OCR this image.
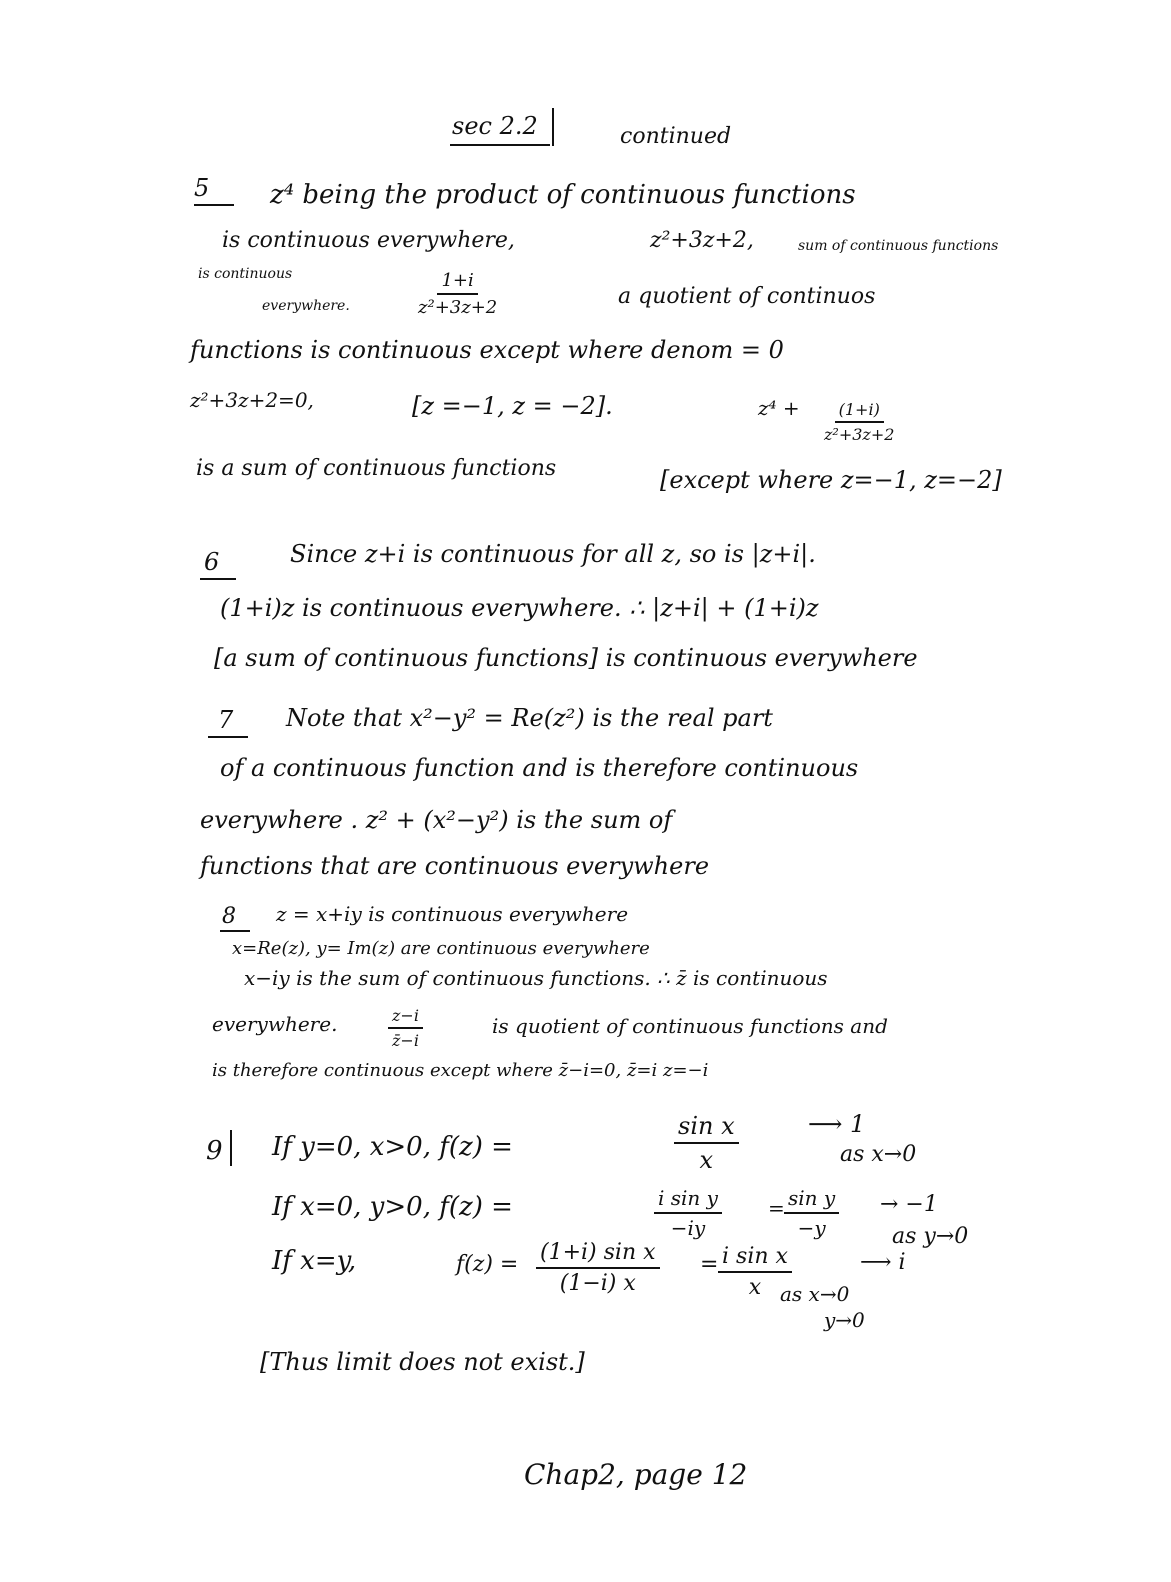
sec 2.2	continued
5 z⁴ being the product of continuous functions
is continuous everywhere,	z²+3z+2,	sum of continuous functions
is continuous
everywhere.	$\frac{1+i}{\text{z²+3z+2}}$	a quotient of continuos
functions is continuous except where denom = 0
z²+3z+2=0,	[z =−1, z = −2].	$z^4 + \frac{(1+i)}{\text{z²+3z+2}}$
is a sum of continuous functions	[except where z=−1, z=−2]
6	Since z+i is continuous for all z, so is |z+i|.
(1+i)z is continuous everywhere. ∴ |z+i| + (1+i)z
[a sum of continuous functions] is continuous everywhere
7 Note that x²−y² = Re(z²) is the real part
of a continuous function and is therefore continuous
everywhere . z² + (x²−y²) is the sum of
functions that are continuous everywhere
8 z = x+iy is continuous everywhere
x=Re(z), y= Im(z) are continuous everywhere
x−iy is the sum of continuous functions. ∴ z̄ is continuous
everywhere.	$\frac{z-i}{z̄-i}$	is quotient of continuous functions and
is therefore continuous except where z̄−i=0, z̄=i z=−i
9 If y=0, x>0, f(z) =	$\frac{\text{sin x}}{x}$	⟶ 1
as x→0
If x=0, y>0, f(z) =	$\frac{\text{i sin y}}{-iy} = \frac{\text{sin y}}{-y} \to -1$
as y→0
If x=y,	$f(z) = \frac{\text{(1+i) sin x}}{(1-i) x} = \frac{\text{i sin x}}{x}$	⟶ i
as x→0
y→0
[Thus limit does not exist.]
Chap2, page 12
